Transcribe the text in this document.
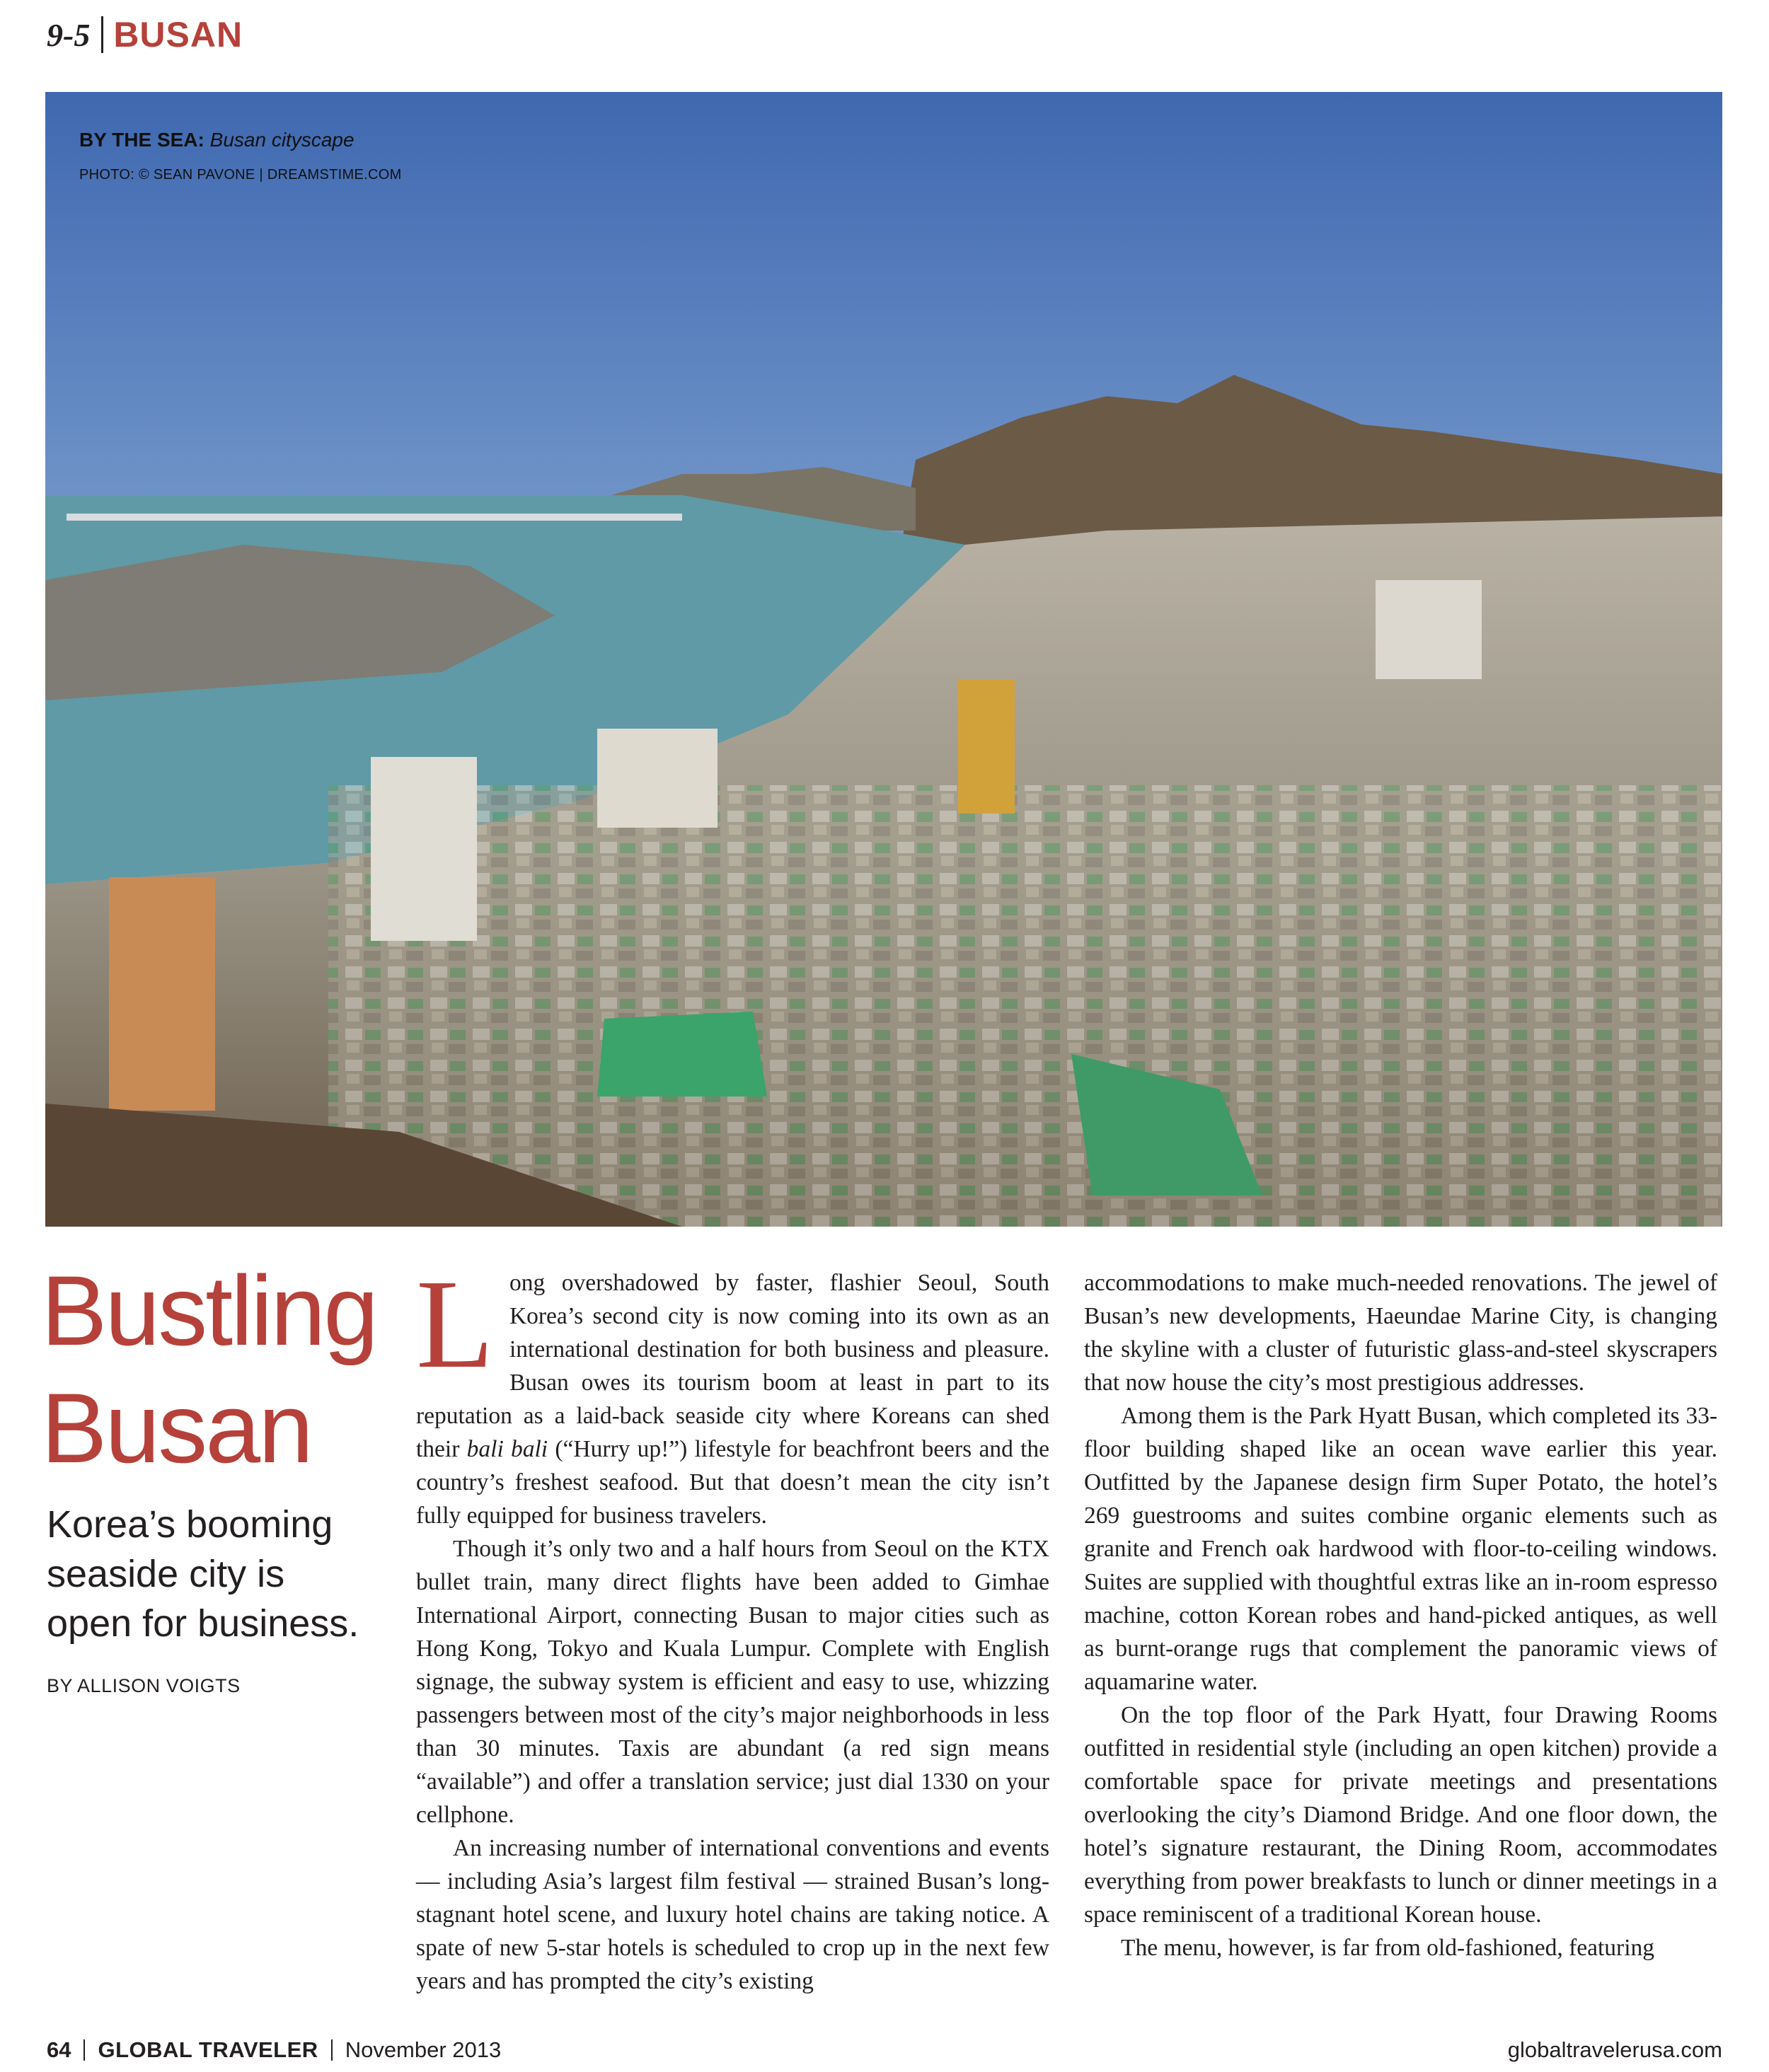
9-5 BUSAN
BY THE SEA: Busan cityscape
PHOTO: © SEAN PAVONE | DREAMSTIME.COM
Bustling
Busan
Korea’s booming seaside city is open for business.
BY ALLISON VOIGTS

Long overshadowed by faster, flashier Seoul, South Korea’s second city is now coming into its own as an international destination for both business and pleasure. Busan owes its tourism boom at least in part to its reputation as a laid-back seaside city where Koreans can shed their bali bali (“Hurry up!”) lifestyle for beachfront beers and the country’s freshest seafood. But that doesn’t mean the city isn’t fully equipped for business travelers.

Though it’s only two and a half hours from Seoul on the KTX bullet train, many direct flights have been added to Gimhae International Airport, connecting Busan to major cities such as Hong Kong, Tokyo and Kuala Lumpur. Complete with English signage, the subway system is efficient and easy to use, whizzing passengers between most of the city’s major neighborhoods in less than 30 minutes. Taxis are abundant (a red sign means “available”) and offer a translation service; just dial 1330 on your cellphone.

An increasing number of international conventions and events — including Asia’s largest film festival — strained Busan’s long-stagnant hotel scene, and luxury hotel chains are taking notice. A spate of new 5-star hotels is scheduled to crop up in the next few years and has prompted the city’s existing

accommodations to make much-needed renovations. The jewel of Busan’s new developments, Haeundae Marine City, is changing the skyline with a cluster of futuristic glass-and-steel skyscrapers that now house the city’s most prestigious addresses.

Among them is the Park Hyatt Busan, which completed its 33-floor building shaped like an ocean wave earlier this year. Outfitted by the Japanese design firm Super Potato, the hotel’s 269 guestrooms and suites combine organic elements such as granite and French oak hardwood with floor-to-ceiling windows. Suites are supplied with thoughtful extras like an in-room espresso machine, cotton Korean robes and hand-picked antiques, as well as burnt-orange rugs that complement the panoramic views of aquamarine water.

On the top floor of the Park Hyatt, four Drawing Rooms outfitted in residential style (including an open kitchen) provide a comfortable space for private meetings and presentations overlooking the city’s Diamond Bridge. And one floor down, the hotel’s signature restaurant, the Dining Room, accommodates everything from power breakfasts to lunch or dinner meetings in a space reminiscent of a traditional Korean house.

The menu, however, is far from old-fashioned, featuring

64 GLOBAL TRAVELER November 2013	globaltravelerusa.com
